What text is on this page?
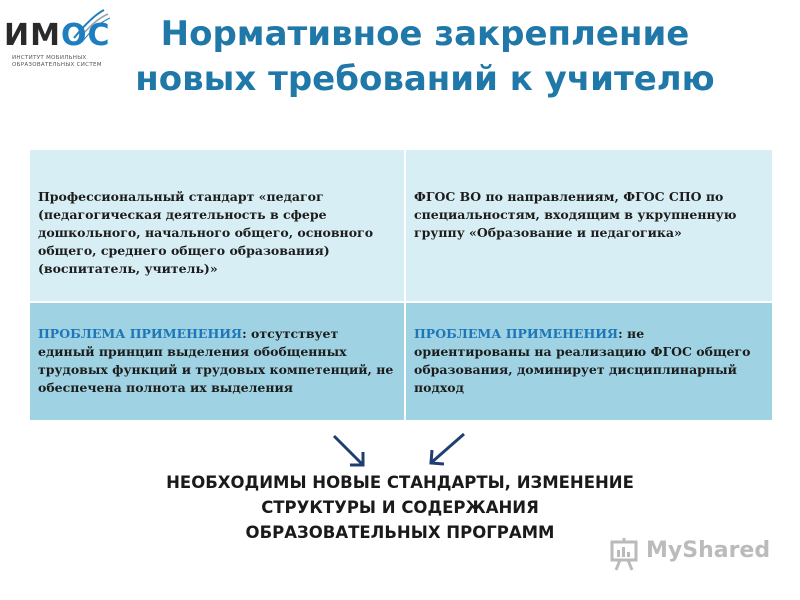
ИМОС
ИНСТИТУТ МОБИЛЬНЫХ
ОБРАЗОВАТЕЛЬНЫХ СИСТЕМ
Нормативное закрепление
новых требований к учителю
Профессиональный стандарт «педагог (педагогическая деятельность в сфере дошкольного, начального общего, основного общего, среднего общего образования) (воспитатель, учитель)»
ФГОС ВО по направлениям, ФГОС СПО по специальностям, входящим в укрупненную группу «Образование и педагогика»
ПРОБЛЕМА ПРИМЕНЕНИЯ: отсутствует единый принцип выделения обобщенных трудовых функций и трудовых компетенций, не обеспечена полнота их выделения
ПРОБЛЕМА ПРИМЕНЕНИЯ: не ориентированы на реализацию ФГОС общего образования, доминирует дисциплинарный подход
НЕОБХОДИМЫ НОВЫЕ СТАНДАРТЫ, ИЗМЕНЕНИЕ
СТРУКТУРЫ И СОДЕРЖАНИЯ
ОБРАЗОВАТЕЛЬНЫХ ПРОГРАММ
MyShared
